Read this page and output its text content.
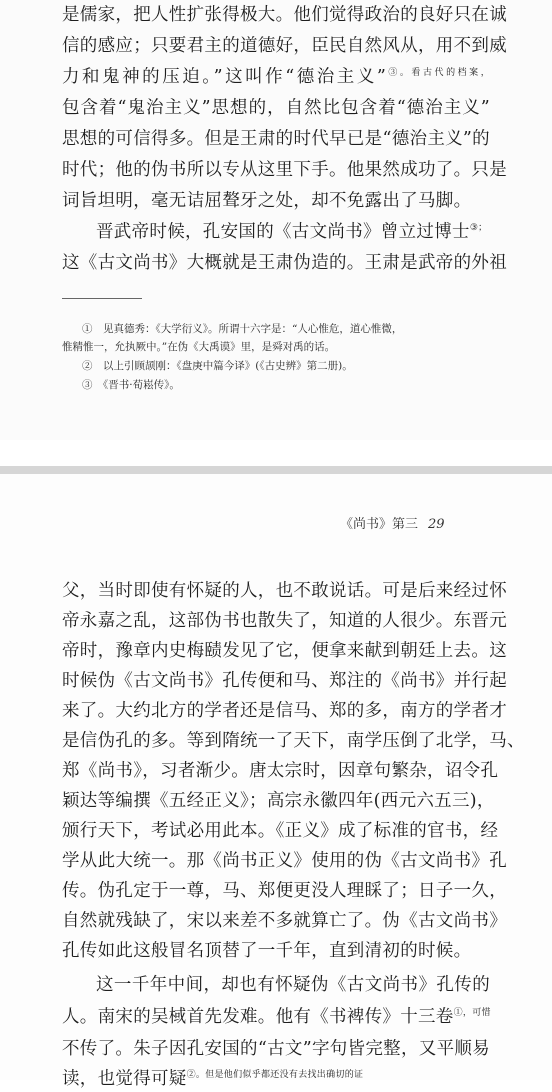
是儒家，把人性扩张得极大。他们觉得政治的良好只在诚
信的感应；只要君主的道德好，臣民自然风从，用不到威
力和鬼神的压迫。”这叫作“德治主义”$^{③。看古代的档案,}$
包含着“鬼治主义”思想的，自然比包含着“德治主义”
思想的可信得多。但是王肃的时代早已是“德治主义”的
时代；他的伪书所以专从这里下手。他果然成功了。只是
词旨坦明，毫无诘屈聱牙之处，却不免露出了马脚。
晋武帝时候，孔安国的《古文尚书》曾立过博士③；
这《古文尚书》大概就是王肃伪造的。王肃是武帝的外祖
①　见真德秀：《大学衍义》。所谓十六字是：“人心惟危，道心惟微，
惟精惟一，允执厥中。”在伪《大禹谟》里，是舜对禹的话。
②　以上引顾颉刚：《盘庚中篇今译》(《古史辨》第二册)。
③　《晋书·荀崧传》。
《尚书》第三 29
父，当时即使有怀疑的人，也不敢说话。可是后来经过怀
帝永嘉之乱，这部伪书也散失了，知道的人很少。东晋元
帝时，豫章内史梅赜发见了它，便拿来献到朝廷上去。这
时候伪《古文尚书》孔传便和马、郑注的《尚书》并行起
来了。大约北方的学者还是信马、郑的多，南方的学者才
是信伪孔的多。等到隋统一了天下，南学压倒了北学，马、
郑《尚书》，习者渐少。唐太宗时，因章句繁杂，诏令孔
颖达等编撰《五经正义》；高宗永徽四年(西元六五三)，
颁行天下，考试必用此本。《正义》成了标准的官书，经
学从此大统一。那《尚书正义》使用的伪《古文尚书》孔
传。伪孔定于一尊，马、郑便更没人理睬了；日子一久，
自然就残缺了，宋以来差不多就算亡了。伪《古文尚书》
孔传如此这般冒名顶替了一千年，直到清初的时候。
这一千年中间，却也有怀疑伪《古文尚书》孔传的
人。南宋的吴棫首先发难。他有《书裨传》十三卷$^{①,可惜}$
不传了。朱子因孔安国的“古文”字句皆完整，又平顺易
读，也觉得可疑$^{②。但是他们似乎都还没有去找出确切的证}$
